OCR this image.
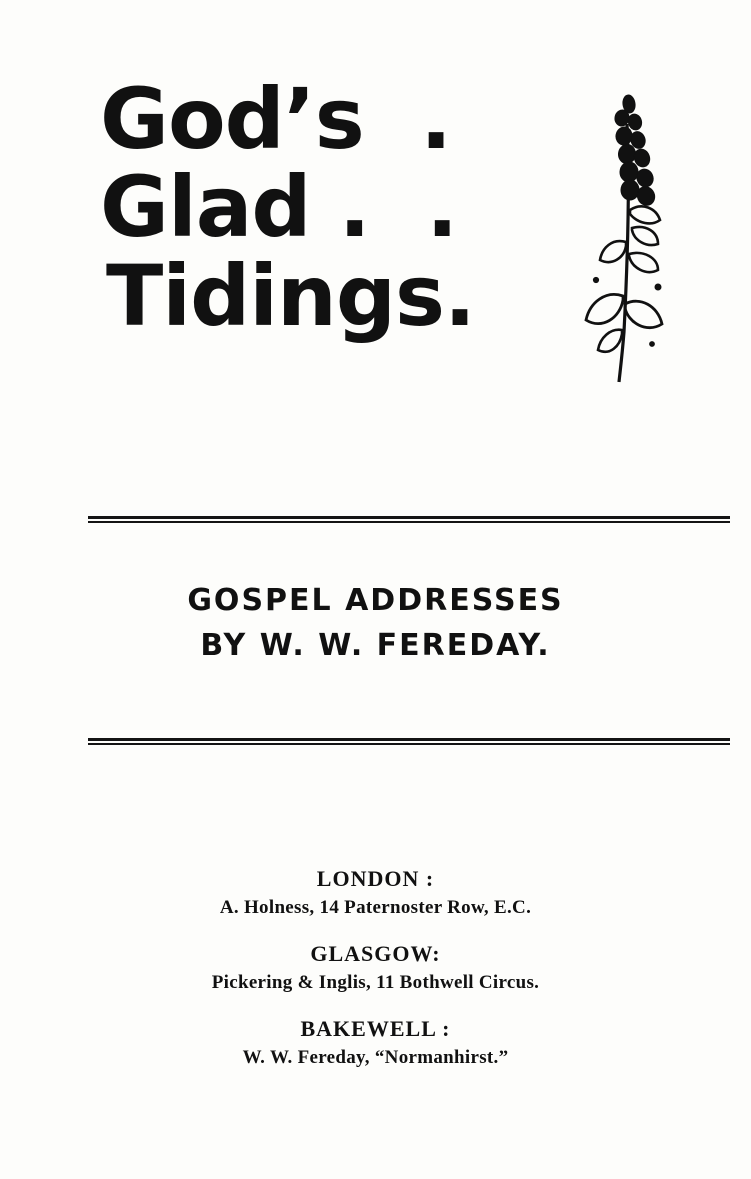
God’s  .
Glad .  .
Tidings.
GOSPEL ADDRESSES
BY W. W. FEREDAY.
LONDON :
A. Holness, 14 Paternoster Row, E.C.
GLASGOW:
Pickering & Inglis, 11 Bothwell Circus.
BAKEWELL :
W. W. Fereday, “Normanhirst.”
